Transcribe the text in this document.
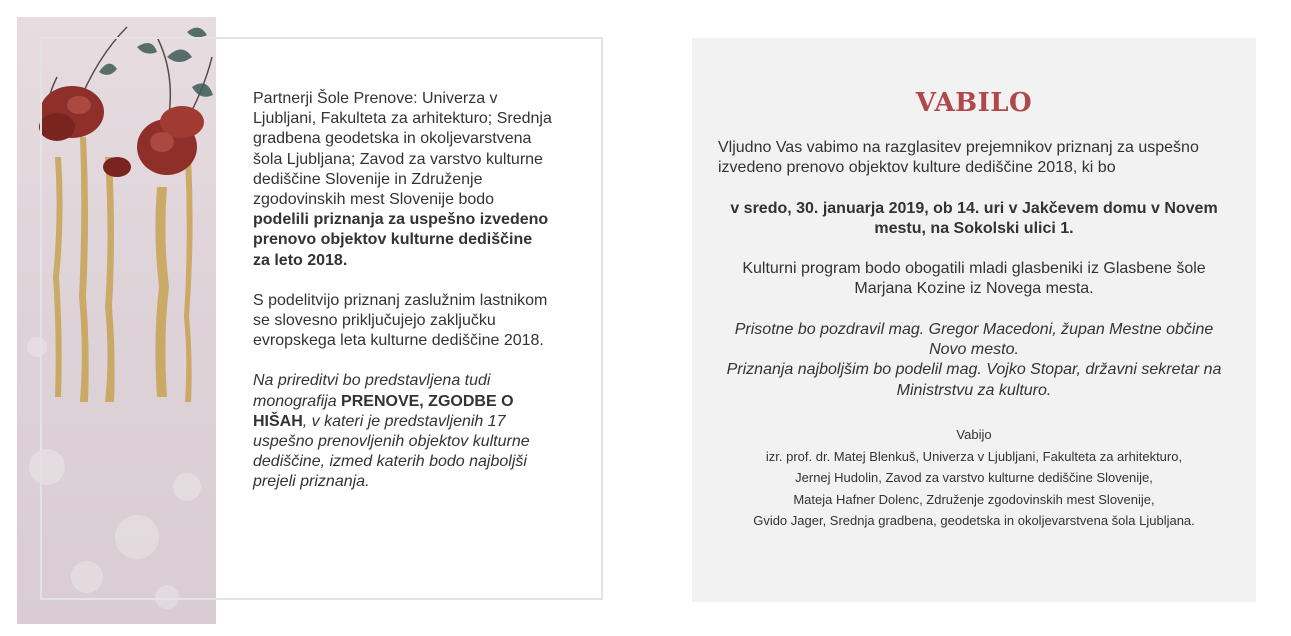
Partnerji Šole Prenove: Univerza v Ljubljani, Fakulteta za arhitekturo; Srednja gradbena geodetska in okoljevarstvena šola Ljubljana; Zavod za varstvo kulturne dediščine Slovenije in Združenje zgodovinskih mest Slovenije bodo podelili priznanja za uspešno izvedeno prenovo objektov kulturne dediščine za leto 2018.

S podelitvijo priznanj zaslužnim lastnikom se slovesno priključujejo zaključku evropskega leta kulturne dediščine 2018.

Na prireditvi bo predstavljena tudi monografija PRENOVE, ZGODBE O HIŠAH, v kateri je predstavljenih 17 uspešno prenovljenih objektov kulturne dediščine, izmed katerih bodo najboljši prejeli priznanja.

VABILO

Vljudno Vas vabimo na razglasitev prejemnikov priznanj za uspešno izvedeno prenovo objektov kulture dediščine 2018, ki bo

v sredo, 30. januarja 2019, ob 14. uri v Jakčevem domu v Novem mestu, na Sokolski ulici 1.

Kulturni program bodo obogatili mladi glasbeniki iz Glasbene šole Marjana Kozine iz Novega mesta.

Prisotne bo pozdravil mag. Gregor Macedoni, župan Mestne občine Novo mesto.

Priznanja najboljšim bo podelil mag. Vojko Stopar, državni sekretar na Ministrstvu za kulturo.

Vabijo
izr. prof. dr. Matej Blenkuš, Univerza v Ljubljani, Fakulteta za arhitekturo,
Jernej Hudolin, Zavod za varstvo kulturne dediščine Slovenije,
Mateja Hafner Dolenc, Združenje zgodovinskih mest Slovenije,
Gvido Jager, Srednja gradbena, geodetska in okoljevarstvena šola Ljubljana.
